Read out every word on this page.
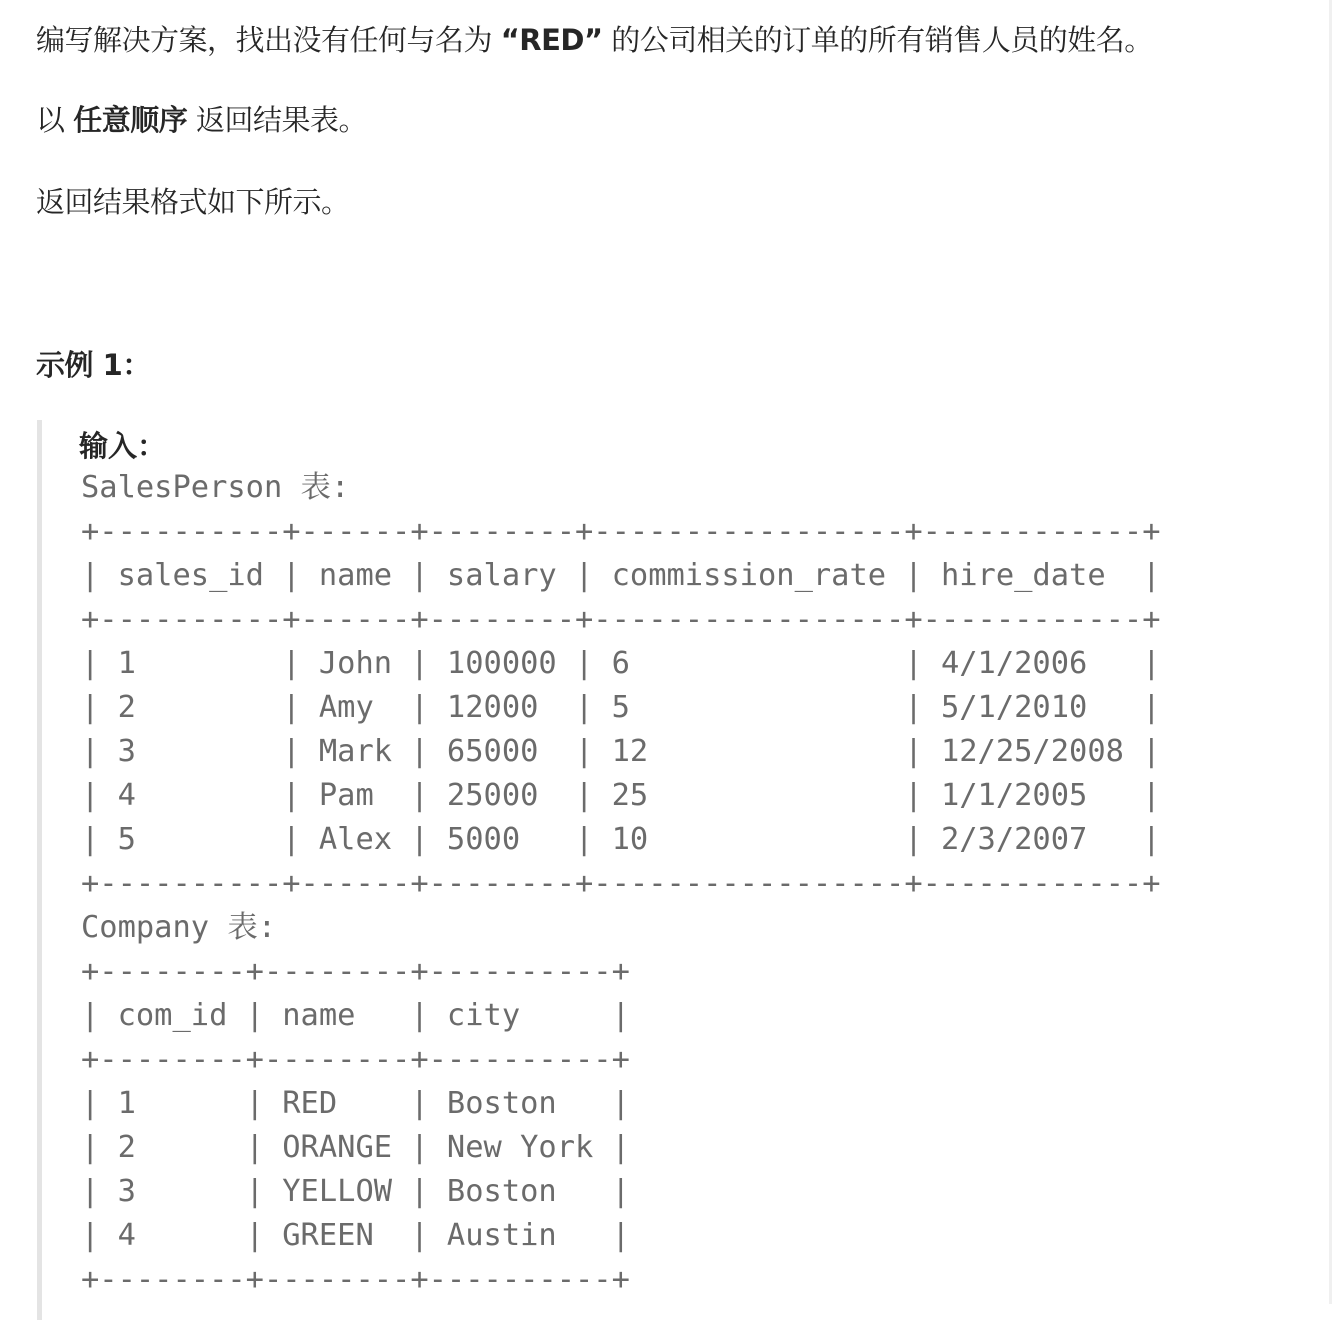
编写解决方案，找出没有任何与名为 “RED” 的公司相关的订单的所有销售人员的姓名。

以 任意顺序 返回结果表。

返回结果格式如下所示。

示例 1：
输入：
SalesPerson 表:
+----------+------+--------+-----------------+------------+
| sales_id | name | salary | commission_rate | hire_date  |
+----------+------+--------+-----------------+------------+
| 1        | John | 100000 | 6               | 4/1/2006   |
| 2        | Amy  | 12000  | 5               | 5/1/2010   |
| 3        | Mark | 65000  | 12              | 12/25/2008 |
| 4        | Pam  | 25000  | 25              | 1/1/2005   |
| 5        | Alex | 5000   | 10              | 2/3/2007   |
+----------+------+--------+-----------------+------------+
Company 表:
+--------+--------+----------+
| com_id | name   | city     |
+--------+--------+----------+
| 1      | RED    | Boston   |
| 2      | ORANGE | New York |
| 3      | YELLOW | Boston   |
| 4      | GREEN  | Austin   |
+--------+--------+----------+
